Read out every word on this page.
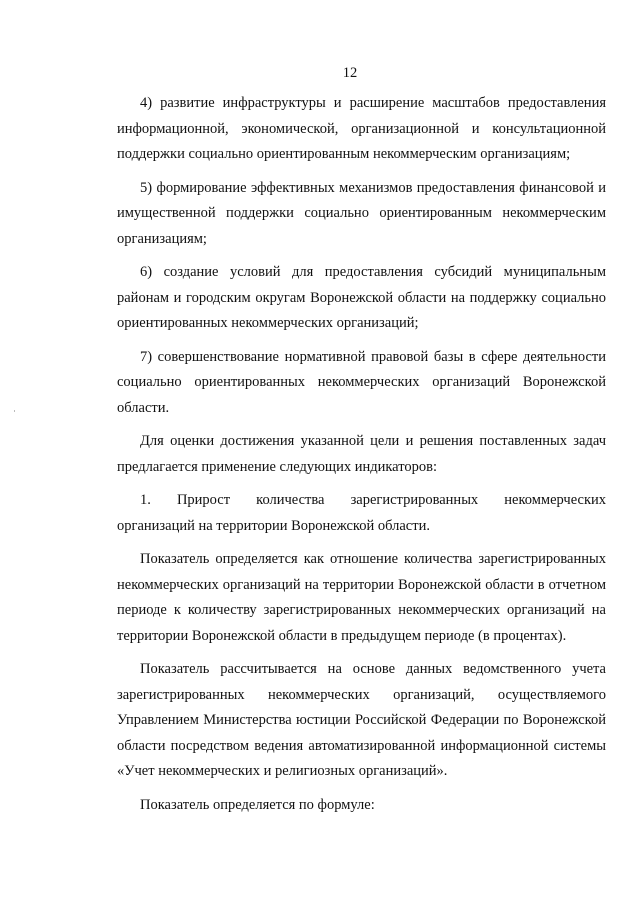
12

4) развитие инфраструктуры и расширение масштабов предоставления информационной, экономической, организационной и консультационной поддержки социально ориентированным некоммерческим организациям;

5) формирование эффективных механизмов предоставления финансовой и имущественной поддержки социально ориентированным некоммерческим организациям;

6) создание условий для предоставления субсидий муниципальным районам и городским округам Воронежской области на поддержку социально ориентированных некоммерческих организаций;

7) совершенствование нормативной правовой базы в сфере деятельности социально ориентированных некоммерческих организаций Воронежской области.

Для оценки достижения указанной цели и решения поставленных задач предлагается применение следующих индикаторов:

1. Прирост количества зарегистрированных некоммерческих

организаций на территории Воронежской области.

Показатель определяется как отношение количества зарегистрированных некоммерческих организаций на территории Воронежской области в отчетном периоде к количеству зарегистрированных некоммерческих организаций на территории Воронежской области в предыдущем периоде (в процентах).

Показатель рассчитывается на основе данных ведомственного учета зарегистрированных некоммерческих организаций, осуществляемого Управлением Министерства юстиции Российской Федерации по Воронежской области посредством ведения автоматизированной информационной системы «Учет некоммерческих и религиозных организаций».

Показатель определяется по формуле:
